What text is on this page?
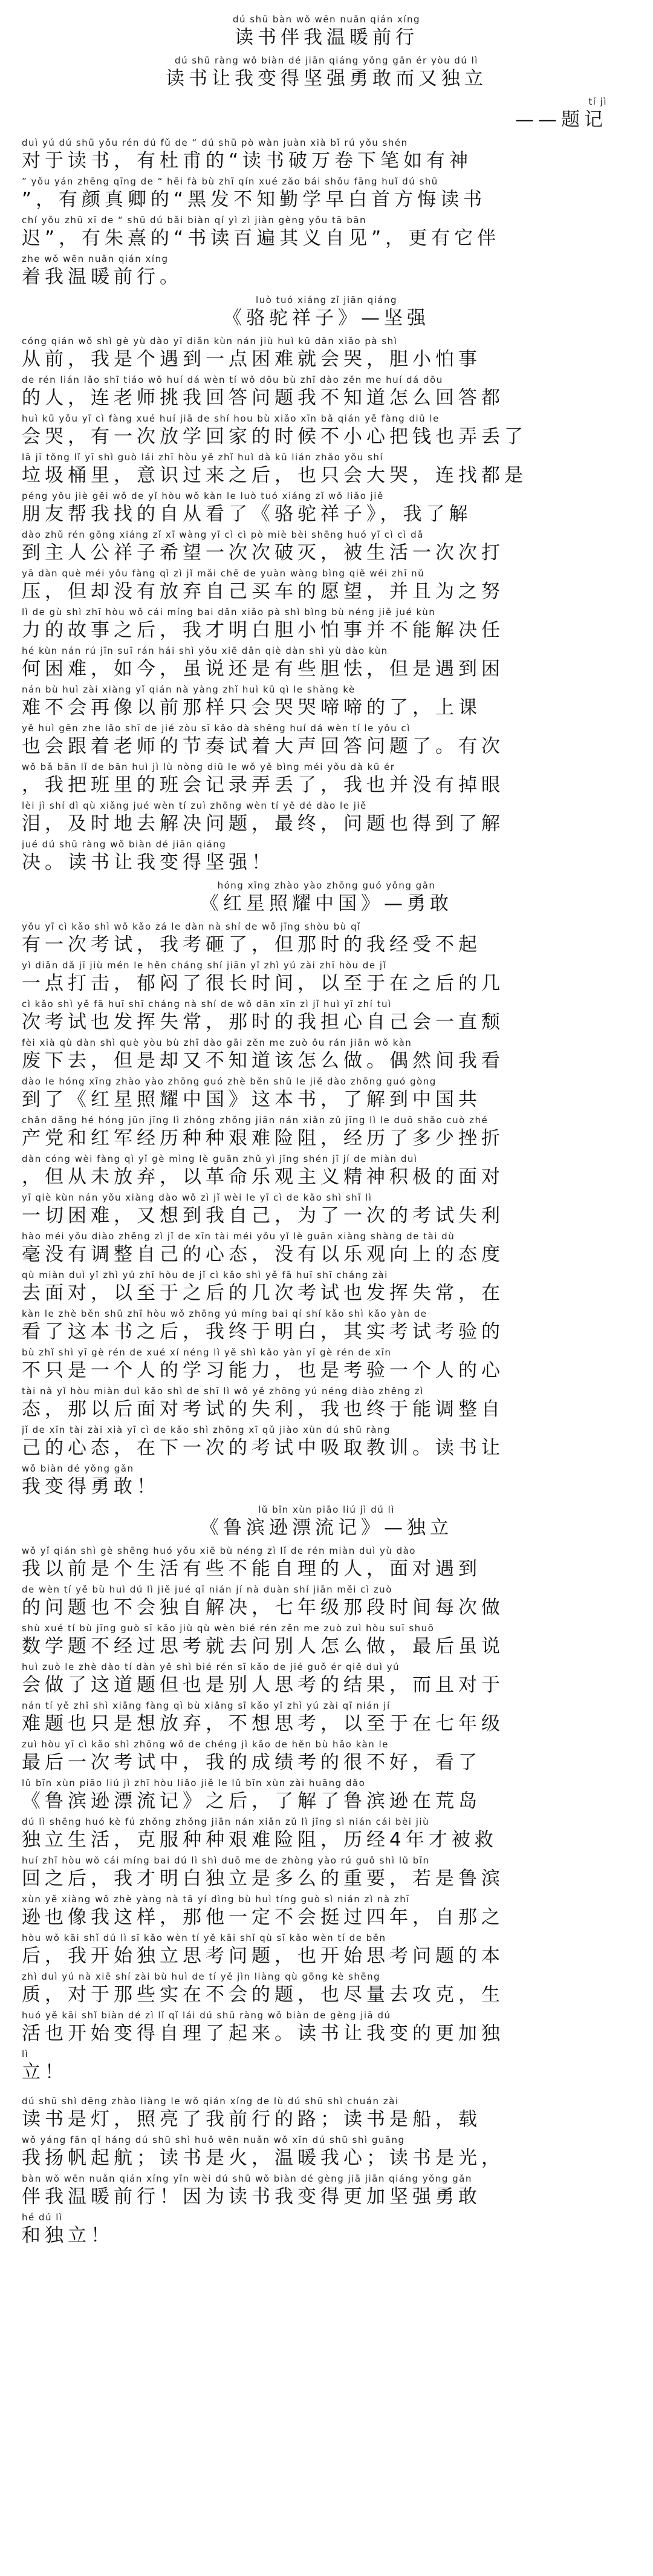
dú shū bàn wǒ wēn nuǎn qián xíng
读书伴我温暖前行
dú shū ràng wǒ biàn dé jiān qiáng yǒng gǎn ér yòu dú lì
读书让我变得坚强勇敢而又独立
tí jì
——题记
duì yú dú shū yǒu rén dú fǔ de “ dú shū pò wàn juàn xià bǐ rú yǒu shén
对于读书，有杜甫的“读书破万卷下笔如有神
” yǒu yán zhēng qīng de “ hēi fà bù zhī qín xué zǎo bái shǒu fāng huǐ dú shū
”，有颜真卿的“黑发不知勤学早白首方悔读书
chí yǒu zhū xī de “ shū dú bǎi biàn qí yì zì jiàn gèng yǒu tā bān
迟”，有朱熹的“书读百遍其义自见”，更有它伴
zhe wǒ wēn nuǎn qián xíng
着我温暖前行。
luò tuó xiáng zǐ jiān qiáng
《骆驼祥子》—坚强
cóng qián wǒ shì gè yù dào yī diǎn kùn nán jiù huì kū dǎn xiǎo pà shì
从前，我是个遇到一点困难就会哭，胆小怕事
de rén lián lǎo shī tiáo wǒ huí dá wèn tí wǒ dōu bù zhī dào zěn me huí dá dōu
的人，连老师挑我回答问题我不知道怎么回答都
huì kū yǒu yī cì fàng xué huí jiā de shí hou bù xiǎo xīn bǎ qián yě fàng diū le
会哭，有一次放学回家的时候不小心把钱也弄丢了
lā jī tǒng lǐ yī shì guò lái zhī hòu yě zhǐ huì dà kū lián zhǎo yǒu shí
垃圾桶里，意识过来之后，也只会大哭，连找都是
péng yǒu jiè gěi wǒ de yǐ hòu wǒ kàn le luò tuó xiáng zǐ wǒ liǎo jiě
朋友帮我找的自从看了《骆驼祥子》，我了解
dào zhǔ rén gōng xiáng zǐ xī wàng yī cì cì pò miè bèi shēng huó yī cì cì dǎ
到主人公祥子希望一次次破灭，被生活一次次打
yā dàn què méi yǒu fàng qì zì jǐ mǎi chē de yuàn wàng bìng qiě wéi zhī nǔ
压，但却没有放弃自己买车的愿望，并且为之努
lì de gù shì zhī hòu wǒ cái míng bai dǎn xiǎo pà shì bìng bù néng jiě jué kùn
力的故事之后，我才明白胆小怕事并不能解决任
hé kùn nán rú jīn suī rán hái shì yǒu xiē dǎn qiè dàn shì yù dào kùn
何困难，如今，虽说还是有些胆怯，但是遇到困
nán bù huì zài xiàng yǐ qián nà yàng zhǐ huì kū qì le shàng kè
难不会再像以前那样只会哭哭啼啼的了，上课
yě huì gēn zhe lǎo shī de jié zòu sī kǎo dà shēng huí dá wèn tí le yǒu cì
也会跟着老师的节奏试着大声回答问题了。有次
wǒ bǎ bān lǐ de bān huì jì lù nòng diū le wǒ yě bìng méi yǒu dà kū ér
，我把班里的班会记录弄丢了，我也并没有掉眼
lèi jì shí dì qù xiǎng jué wèn tí zuì zhōng wèn tí yě dé dào le jiě
泪，及时地去解决问题，最终，问题也得到了解
jué dú shū ràng wǒ biàn dé jiān qiáng
决。读书让我变得坚强！
hóng xīng zhào yào zhōng guó yǒng gǎn
《红星照耀中国》—勇敢
yǒu yī cì kǎo shì wǒ kǎo zá le dàn nà shí de wǒ jīng shòu bù qǐ
有一次考试，我考砸了，但那时的我经受不起
yì diǎn dǎ jī jiù mén le hěn cháng shí jiān yǐ zhì yú zài zhī hòu de jǐ
一点打击，郁闷了很长时间，以至于在之后的几
cì kǎo shì yě fā huī shī cháng nà shí de wǒ dān xīn zì jǐ huì yī zhí tuì
次考试也发挥失常，那时的我担心自己会一直颓
fèi xià qù dàn shì què yòu bù zhī dào gāi zěn me zuò ǒu rán jiān wǒ kàn
废下去，但是却又不知道该怎么做。偶然间我看
dào le hóng xīng zhào yào zhōng guó zhè běn shū le jiě dào zhōng guó gòng
到了《红星照耀中国》这本书，了解到中国共
chǎn dǎng hé hóng jūn jīng lì zhǒng zhǒng jiān nán xiǎn zǔ jīng lì le duō shǎo cuò zhé
产党和红军经历种种艰难险阻，经历了多少挫折
dàn cóng wèi fàng qì yǐ gè mìng lè guān zhǔ yì jīng shén jī jí de miàn duì
，但从未放弃，以革命乐观主义精神积极的面对
yī qiè kùn nán yǒu xiàng dào wǒ zì jǐ wèi le yī cì de kǎo shì shī lì
一切困难，又想到我自己，为了一次的考试失利
hào méi yǒu diào zhěng zì jǐ de xīn tài méi yǒu yǐ lè guān xiàng shàng de tài dù
毫没有调整自己的心态，没有以乐观向上的态度
qù miàn duì yǐ zhì yú zhī hòu de jǐ cì kǎo shì yě fā huī shī cháng zài
去面对，以至于之后的几次考试也发挥失常，在
kàn le zhè běn shū zhī hòu wǒ zhōng yú míng bai qí shí kǎo shì kǎo yàn de
看了这本书之后，我终于明白，其实考试考验的
bù zhǐ shì yī gè rén de xué xí néng lì yě shì kǎo yàn yī gè rén de xīn
不只是一个人的学习能力，也是考验一个人的心
tài nà yǐ hòu miàn duì kǎo shì de shī lì wǒ yě zhōng yú néng diào zhěng zì
态，那以后面对考试的失利，我也终于能调整自
jǐ de xīn tài zài xià yī cì de kǎo shì zhōng xī qǔ jiào xùn dú shū ràng
己的心态，在下一次的考试中吸取教训。读书让
wǒ biàn dé yǒng gǎn
我变得勇敢！
lǔ bīn xùn piāo liú jì dú lì
《鲁滨逊漂流记》—独立
wǒ yǐ qián shì gè shēng huó yǒu xiē bù néng zì lǐ de rén miàn duì yù dào
我以前是个生活有些不能自理的人，面对遇到
de wèn tí yě bù huì dú lì jiě jué qī nián jí nà duàn shí jiān měi cì zuò
的问题也不会独自解决，七年级那段时间每次做
shù xué tí bù jīng guò sī kǎo jiù qù wèn bié rén zěn me zuò zuì hòu suī shuō
数学题不经过思考就去问别人怎么做，最后虽说
huì zuò le zhè dào tí dàn yě shì bié rén sī kǎo de jié guǒ ér qiě duì yú
会做了这道题但也是别人思考的结果，而且对于
nán tí yě zhǐ shì xiǎng fàng qì bù xiǎng sī kǎo yǐ zhì yú zài qī nián jí
难题也只是想放弃，不想思考，以至于在七年级
zuì hòu yī cì kǎo shì zhōng wǒ de chéng jì kǎo de hěn bù hǎo kàn le
最后一次考试中，我的成绩考的很不好，看了
lǔ bīn xùn piāo liú jì zhī hòu liǎo jiě le lǔ bīn xùn zài huāng dǎo
《鲁滨逊漂流记》之后，了解了鲁滨逊在荒岛
dú lì shēng huó kè fú zhǒng zhǒng jiān nán xiǎn zǔ lì jīng sì nián cái bèi jiù
独立生活，克服种种艰难险阻，历经4年才被救
huí zhī hòu wǒ cái míng bai dú lì shì duō me de zhòng yào rú guǒ shì lǔ bīn
回之后，我才明白独立是多么的重要，若是鲁滨
xùn yě xiàng wǒ zhè yàng nà tā yí dìng bù huì tíng guò sì nián zì nà zhī
逊也像我这样，那他一定不会挺过四年，自那之
hòu wǒ kāi shǐ dú lì sī kǎo wèn tí yě kāi shǐ qù sī kǎo wèn tí de běn
后，我开始独立思考问题，也开始思考问题的本
zhì duì yú nà xiē shí zài bù huì de tí yě jìn liàng qù gōng kè shēng
质，对于那些实在不会的题，也尽量去攻克，生
huó yě kāi shǐ biàn dé zì lǐ qǐ lái dú shū ràng wǒ biàn de gèng jiā dú
活也开始变得自理了起来。读书让我变的更加独
lì
立！
dú shū shì dēng zhào liàng le wǒ qián xíng de lù dú shū shì chuán zài
读书是灯，照亮了我前行的路；读书是船，载
wǒ yáng fān qǐ háng dú shū shì huǒ wēn nuǎn wǒ xīn dú shū shì guāng
我扬帆起航；读书是火，温暖我心；读书是光，
bàn wǒ wēn nuǎn qián xíng yīn wèi dú shū wǒ biàn dé gèng jiā jiān qiáng yǒng gǎn
伴我温暖前行！因为读书我变得更加坚强勇敢
hé dú lì
和独立！
